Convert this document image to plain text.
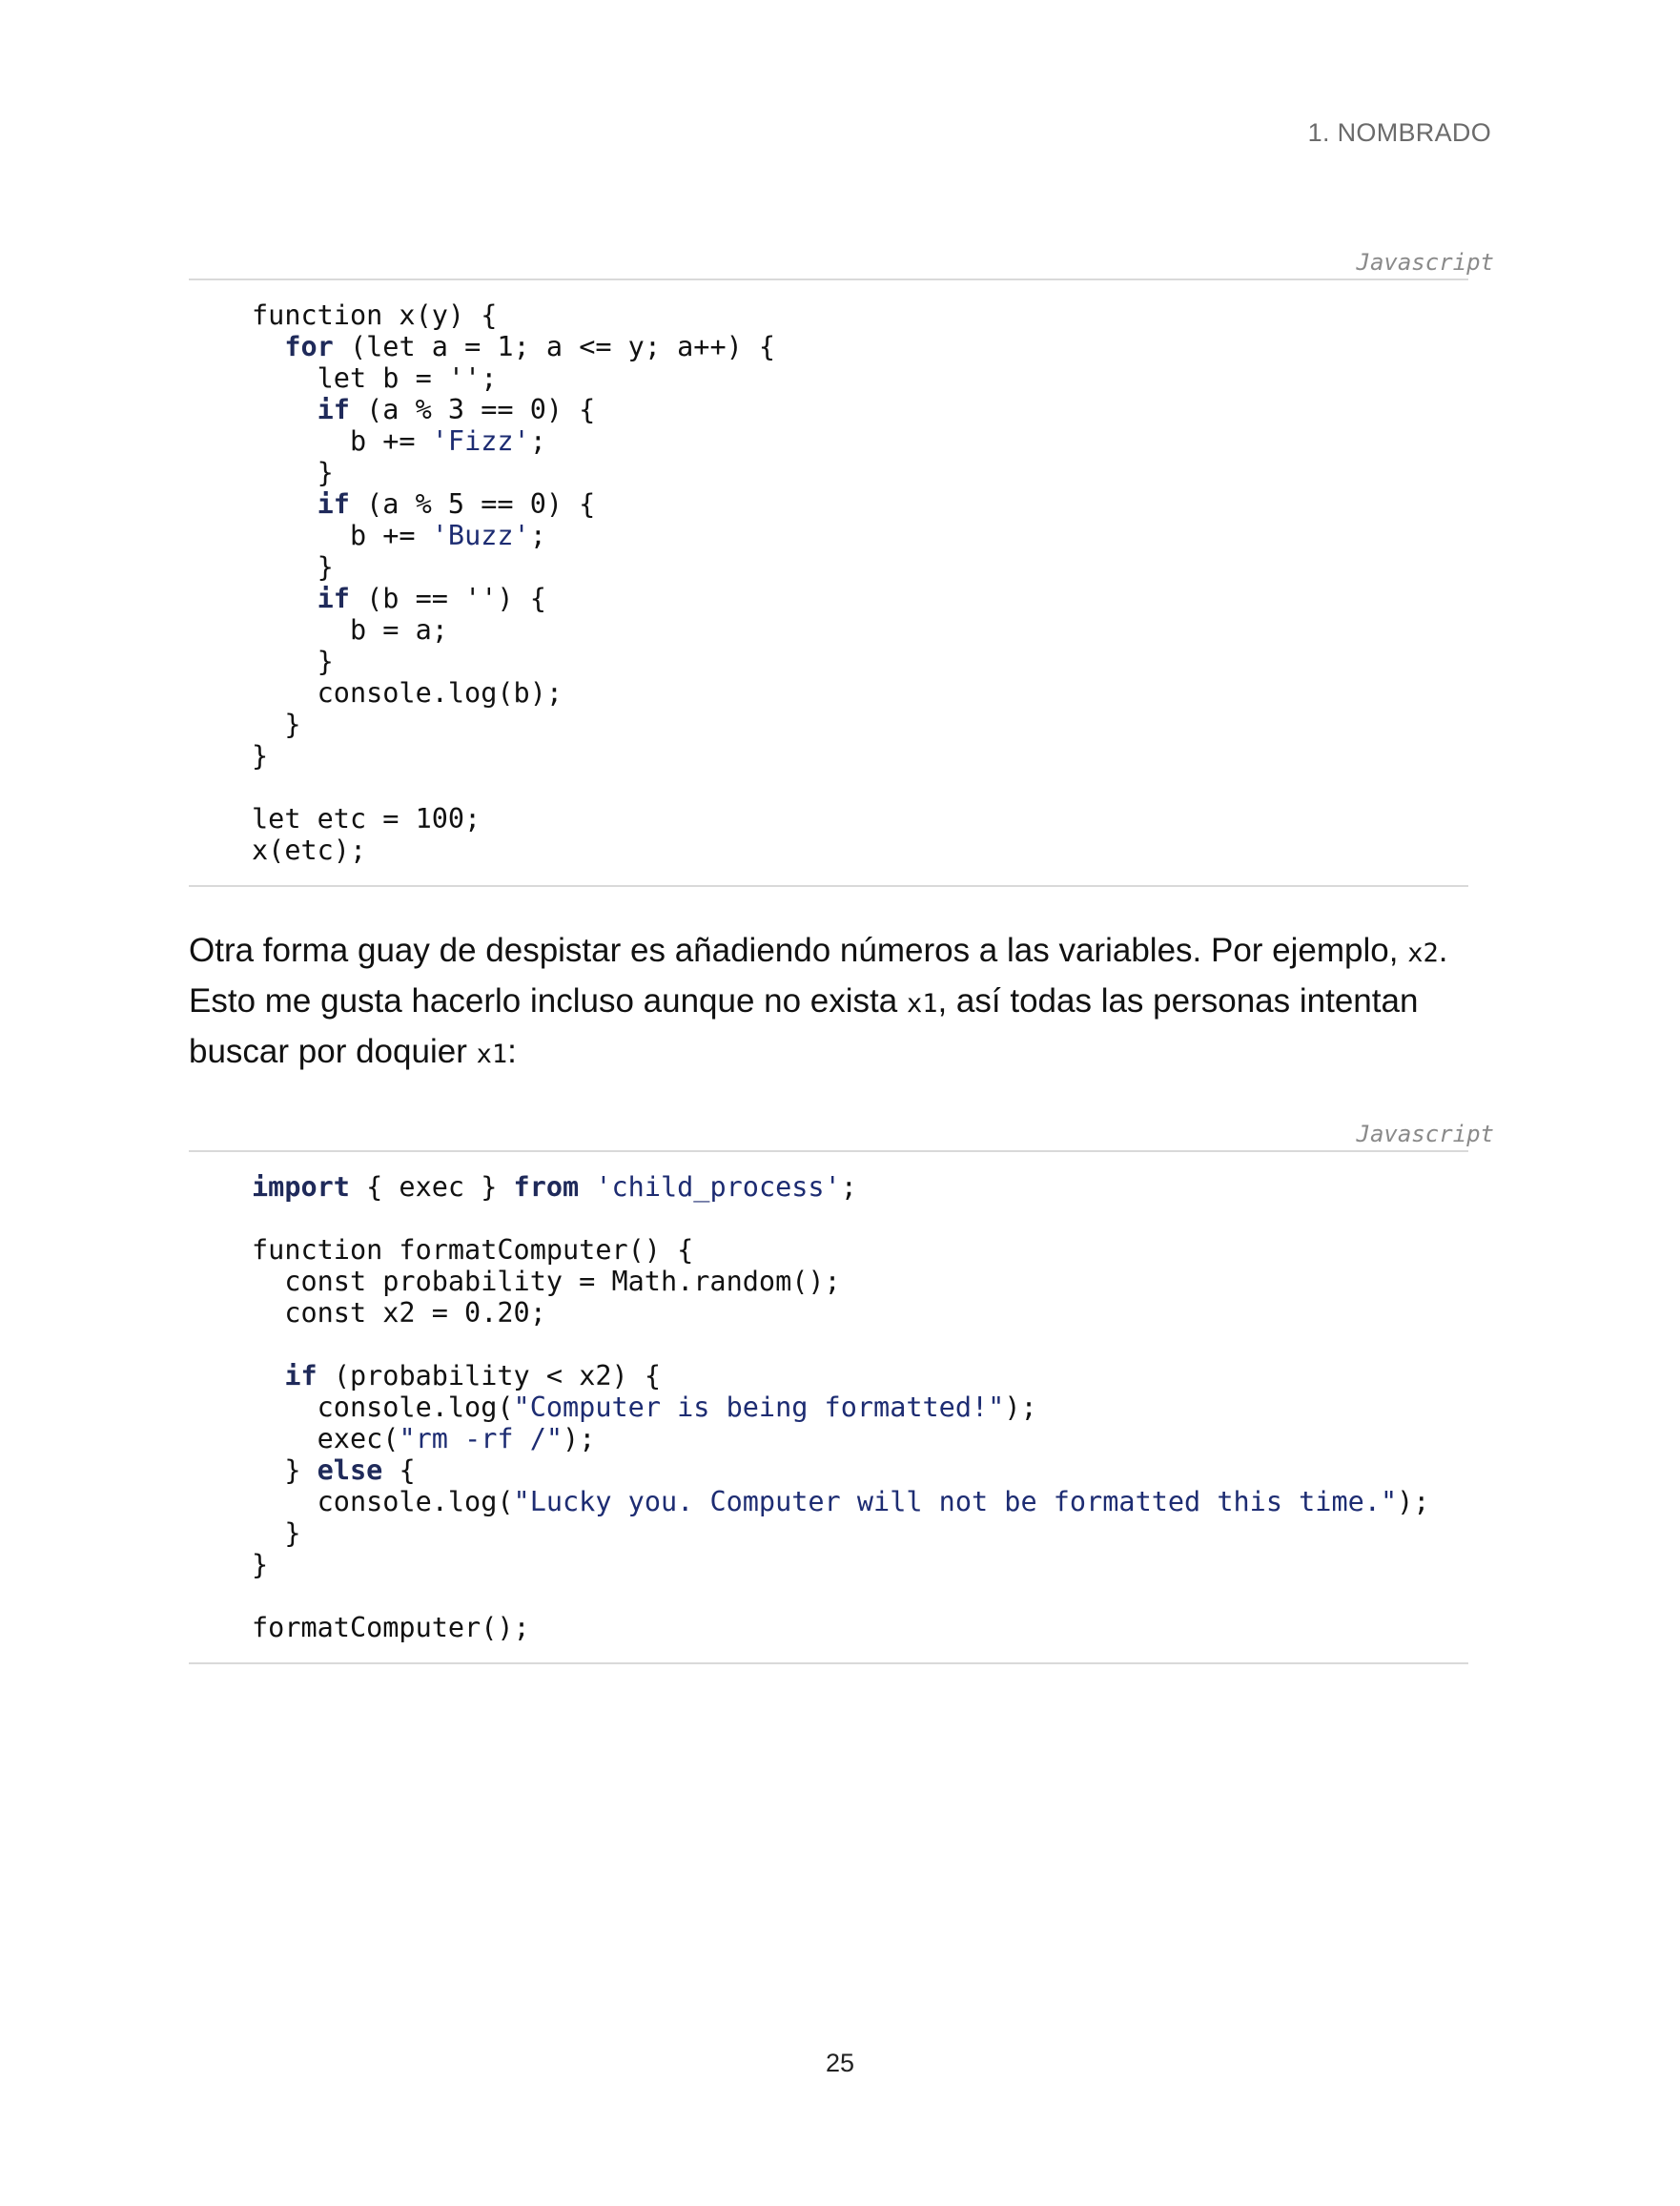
1. NOMBRADO
Javascript
function x(y) {
for (let a = 1; a <= y; a++) {
let b = '';
if (a % 3 == 0) {
b += 'Fizz';
}
if (a % 5 == 0) {
b += 'Buzz';
}
if (b == '') {
b = a;
}
console.log(b);
}
}

let etc = 100;
x(etc);
Otra forma guay de despistar es añadiendo números a las variables. Por ejemplo, x2. Esto me gusta hacerlo incluso aunque no exista x1, así todas las personas intentan buscar por doquier x1:
Javascript
import { exec } from 'child_process';

function formatComputer() {
const probability = Math.random();
const x2 = 0.20;

if (probability < x2) {
console.log("Computer is being formatted!");
exec("rm -rf /");
} else {
console.log("Lucky you. Computer will not be formatted this time.");
}
}

formatComputer();
25
